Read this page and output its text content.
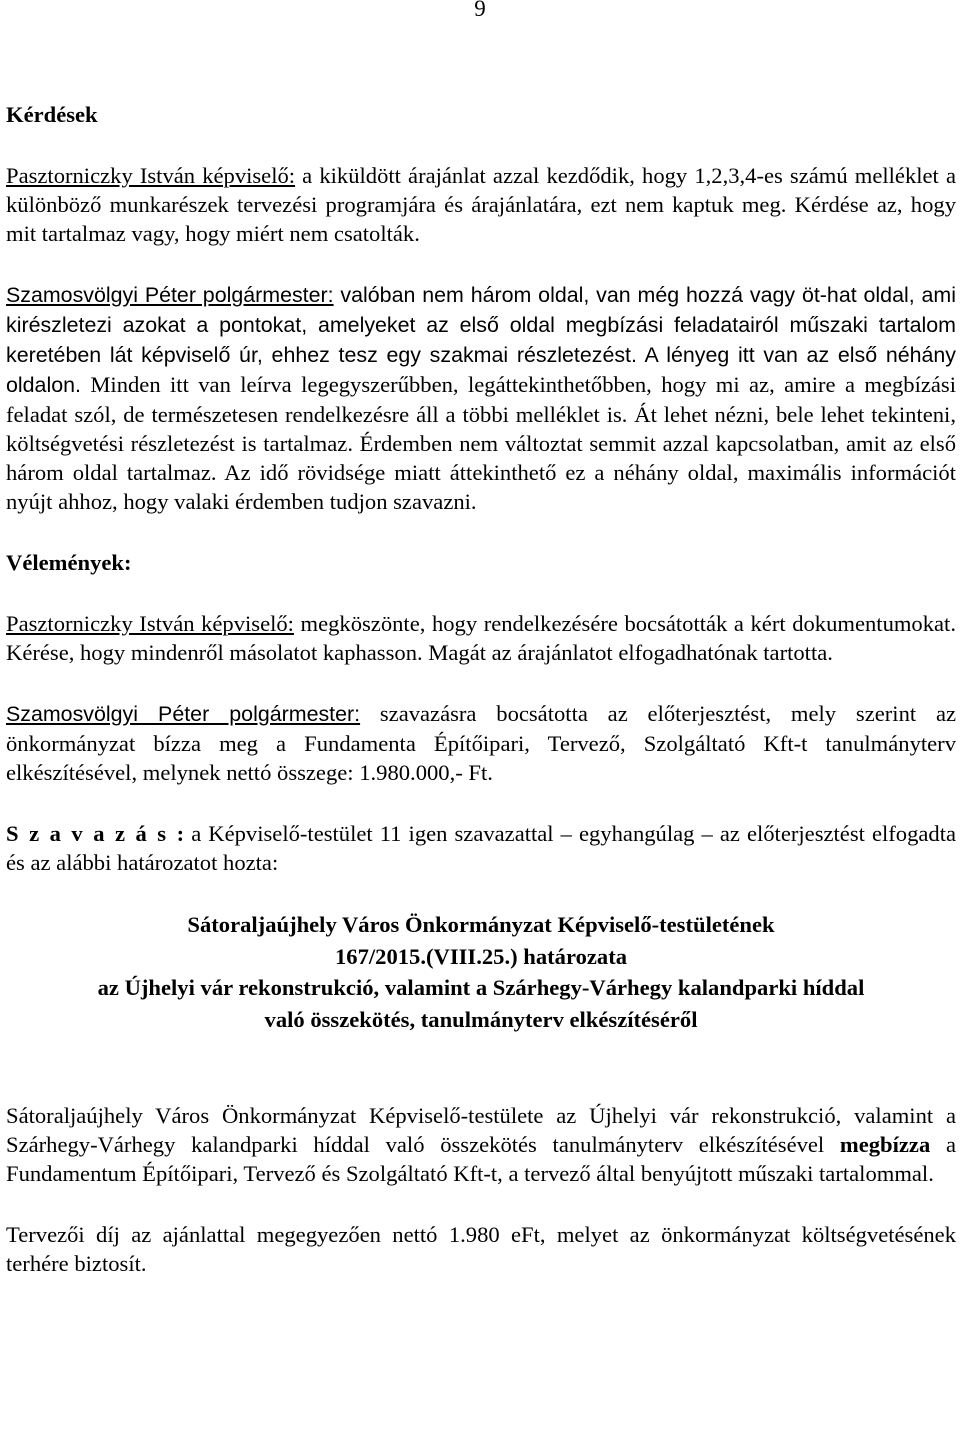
9
Kérdések

Pasztorniczky István képviselő: a kiküldött árajánlat azzal kezdődik, hogy 1,2,3,4-es számú melléklet a különböző munkarészek tervezési programjára és árajánlatára, ezt nem kaptuk meg. Kérdése az, hogy mit tartalmaz vagy, hogy miért nem csatolták.

Szamosvölgyi Péter polgármester: valóban nem három oldal, van még hozzá vagy öt-hat oldal, ami kirészletezi azokat a pontokat, amelyeket az első oldal megbízási feladatairól műszaki tartalom keretében lát képviselő úr, ehhez tesz egy szakmai részletezést. A lényeg itt van az első néhány oldalon. Minden itt van leírva legegyszerűbben, legáttekinthetőbben, hogy mi az, amire a megbízási feladat szól, de természetesen rendelkezésre áll a többi melléklet is. Át lehet nézni, bele lehet tekinteni, költségvetési részletezést is tartalmaz. Érdemben nem változtat semmit azzal kapcsolatban, amit az első három oldal tartalmaz. Az idő rövidsége miatt áttekinthető ez a néhány oldal, maximális információt nyújt ahhoz, hogy valaki érdemben tudjon szavazni.

Vélemények:

Pasztorniczky István képviselő: megköszönte, hogy rendelkezésére bocsátották a kért dokumentumokat. Kérése, hogy mindenről másolatot kaphasson. Magát az árajánlatot elfogadhatónak tartotta.

Szamosvölgyi Péter polgármester: szavazásra bocsátotta az előterjesztést, mely szerint az önkormányzat bízza meg a Fundamenta Építőipari, Tervező, Szolgáltató Kft-t tanulmányterv elkészítésével, melynek nettó összege: 1.980.000,- Ft.

Szavazás: a Képviselő-testület 11 igen szavazattal – egyhangúlag – az előterjesztést elfogadta és az alábbi határozatot hozta:

Sátoraljaújhely Város Önkormányzat Képviselő-testületének
167/2015.(VIII.25.) határozata
az Újhelyi vár rekonstrukció, valamint a Szárhegy-Várhegy kalandparki híddal
való összekötés, tanulmányterv elkészítéséről

Sátoraljaújhely Város Önkormányzat Képviselő-testülete az Újhelyi vár rekonstrukció, valamint a Szárhegy-Várhegy kalandparki híddal való összekötés tanulmányterv elkészítésével megbízza a Fundamentum Építőipari, Tervező és Szolgáltató Kft-t, a tervező által benyújtott műszaki tartalommal.

Tervezői díj az ajánlattal megegyezően nettó 1.980 eFt, melyet az önkormányzat költségvetésének terhére biztosít.
